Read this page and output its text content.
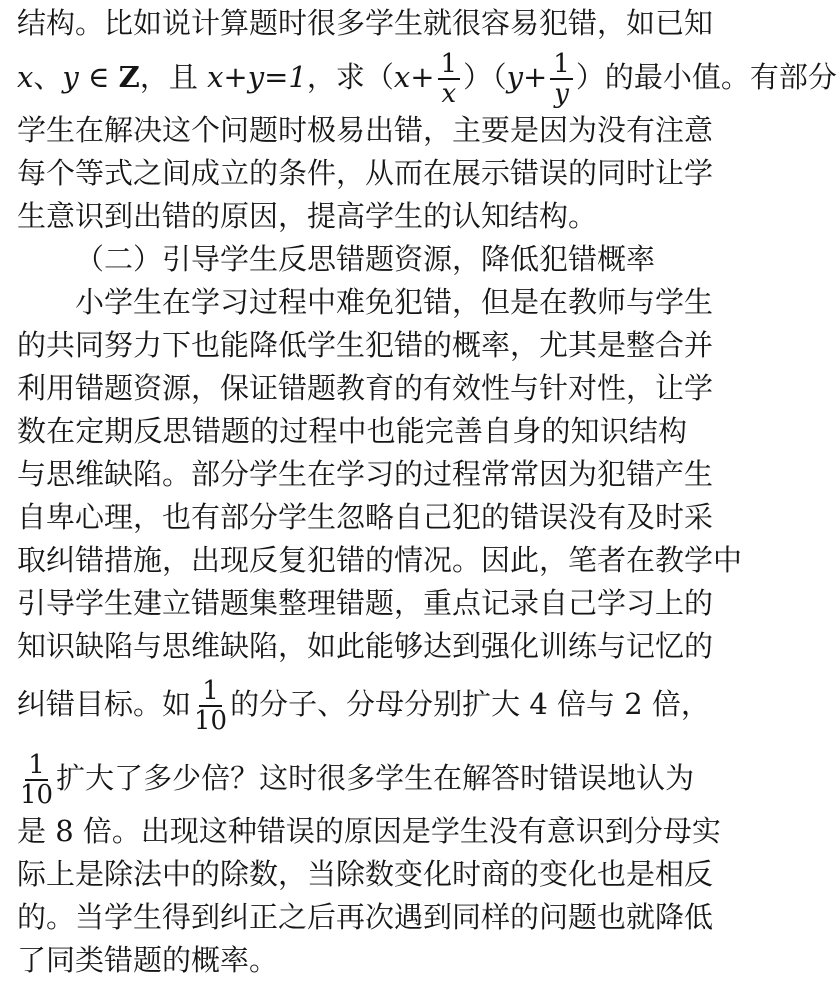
结构。比如说计算题时很多学生就很容易犯错，如已知
x、y ∈ Z，且 x+y=1，求$(x+ \frac{1}{x} )(y+ \frac{1}{y}$ ）的最小值。有部分
学生在解决这个问题时极易出错，主要是因为没有注意
每个等式之间成立的条件，从而在展示错误的同时让学
生意识到出错的原因，提高学生的认知结构。
（二）引导学生反思错题资源，降低犯错概率
小学生在学习过程中难免犯错，但是在教师与学生
的共同努力下也能降低学生犯错的概率，尤其是整合并
利用错题资源，保证错题教育的有效性与针对性，让学
数在定期反思错题的过程中也能完善自身的知识结构
与思维缺陷。部分学生在学习的过程常常因为犯错产生
自卑心理，也有部分学生忽略自己犯的错误没有及时采
取纠错措施，出现反复犯错的情况。因此，笔者在教学中
引导学生建立错题集整理错题，重点记录自己学习上的
知识缺陷与思维缺陷，如此能够达到强化训练与记忆的
纠错目标。如 $\frac{1}{10}$ 的分子、分母分别扩大 4 倍与 2 倍，
$\frac{1}{10}$ 扩大了多少倍？这时很多学生在解答时错误地认为
是 8 倍。出现这种错误的原因是学生没有意识到分母实
际上是除法中的除数，当除数变化时商的变化也是相反
的。当学生得到纠正之后再次遇到同样的问题也就降低
了同类错题的概率。
